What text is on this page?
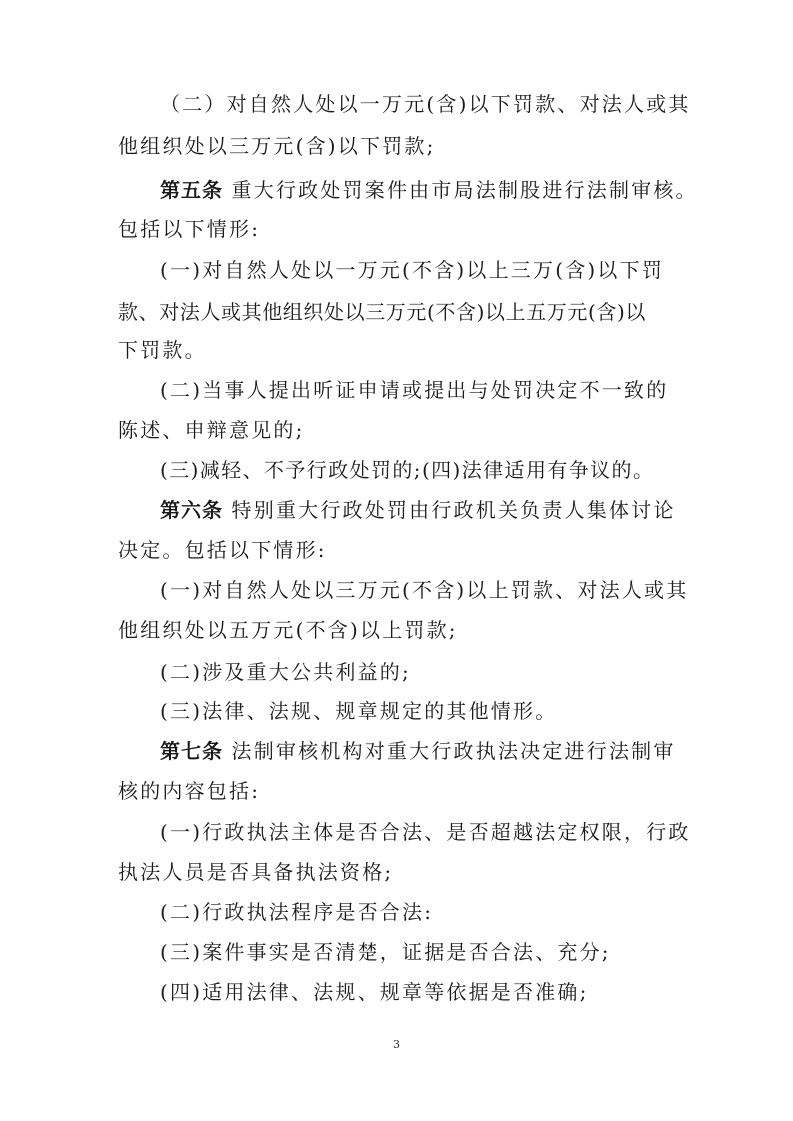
（二）对自然人处以一万元(含)以下罚款、对法人或其
他组织处以三万元(含)以下罚款;
第五条 重大行政处罚案件由市局法制股进行法制审核。
包括以下情形:
(一)对自然人处以一万元(不含)以上三万(含)以下罚
款、对法人或其他组织处以三万元(不含)以上五万元(含)以
下罚款。
(二)当事人提出听证申请或提出与处罚决定不一致的
陈述、申辩意见的;
(三)减轻、不予行政处罚的;(四)法律适用有争议的。
第六条 特别重大行政处罚由行政机关负责人集体讨论
决定。包括以下情形:
(一)对自然人处以三万元(不含)以上罚款、对法人或其
他组织处以五万元(不含)以上罚款;
(二)涉及重大公共利益的;
(三)法律、法规、规章规定的其他情形。
第七条 法制审核机构对重大行政执法决定进行法制审
核的内容包括:
(一)行政执法主体是否合法、是否超越法定权限，行政
执法人员是否具备执法资格;
(二)行政执法程序是否合法:
(三)案件事实是否清楚，证据是否合法、充分;
(四)适用法律、法规、规章等依据是否准确;
3
